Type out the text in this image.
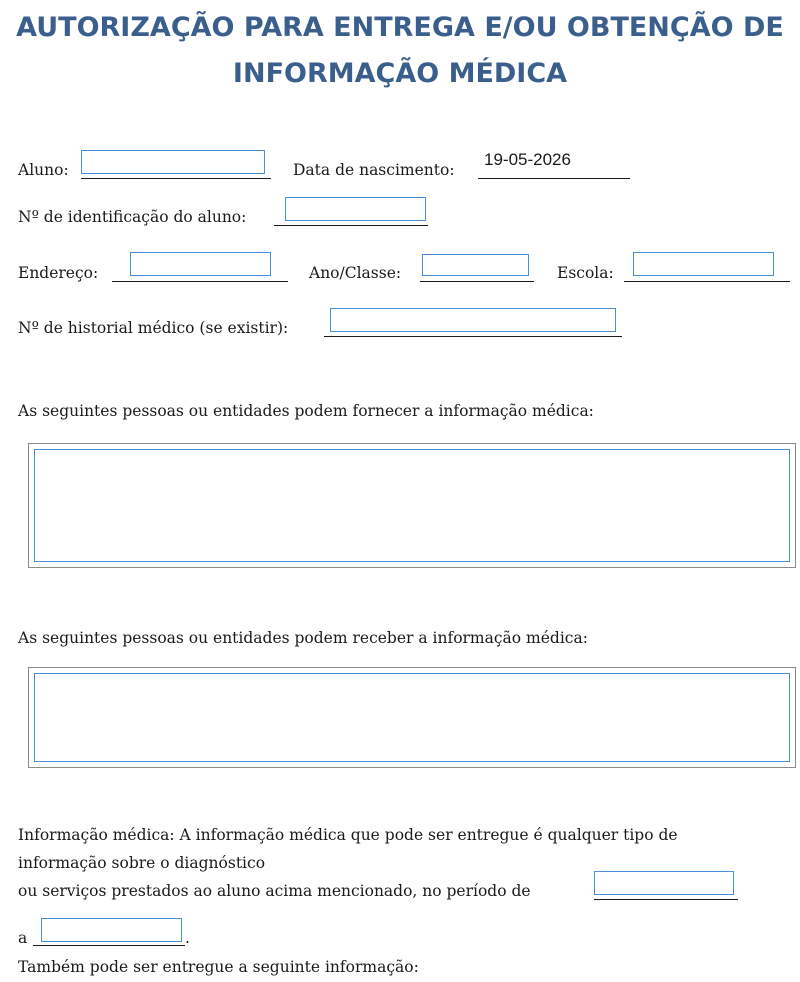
AUTORIZAÇÃO PARA ENTREGA E/OU OBTENÇÃO DE
INFORMAÇÃO MÉDICA
Aluno:	Data de nascimento:
19-05-2026
Nº de identificação do aluno:
Endereço:	Ano/Classe:	Escola:
Nº de historial médico (se existir):
As seguintes pessoas ou entidades podem fornecer a informação médica:
As seguintes pessoas ou entidades podem receber a informação médica:
Informação médica: A informação médica que pode ser entregue é qualquer tipo de
informação sobre o diagnóstico
ou serviços prestados ao aluno acima mencionado, no período de
a	.
Também pode ser entregue a seguinte informação:
